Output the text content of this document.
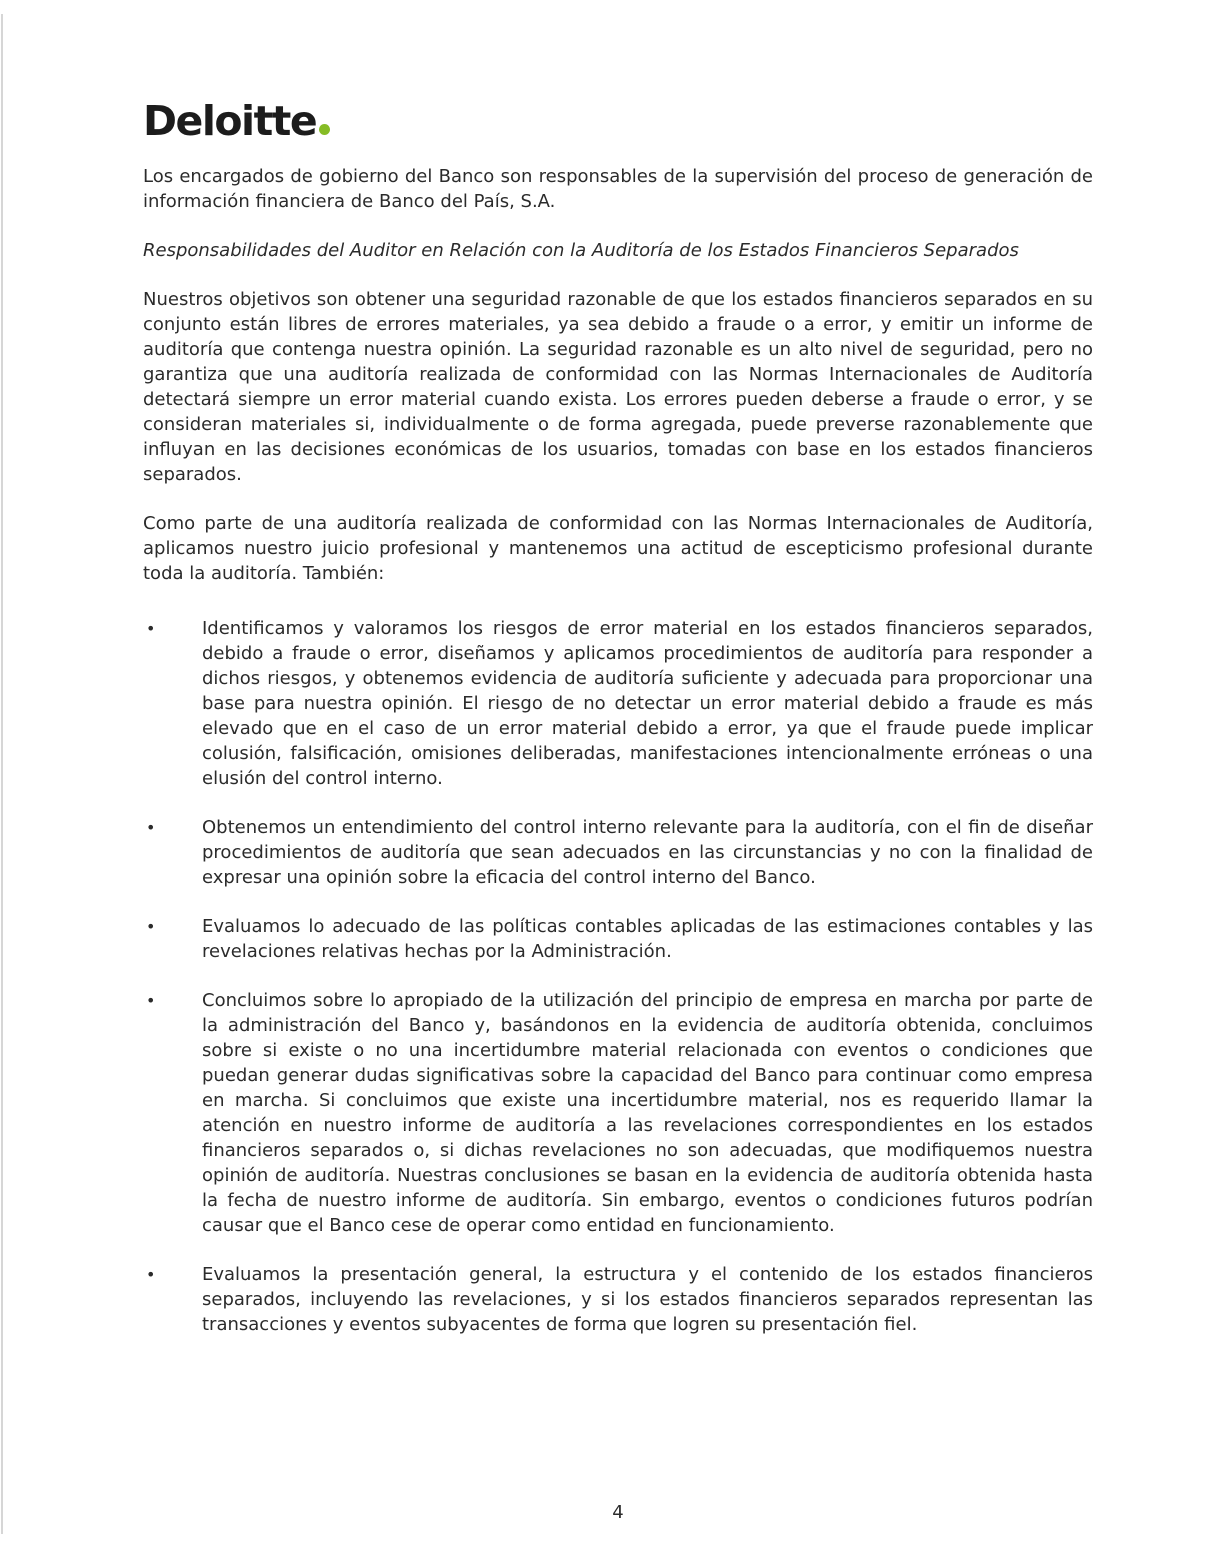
Deloitte

Los encargados de gobierno del Banco son responsables de la supervisión del proceso de generación de información financiera de Banco del País, S.A.

Responsabilidades del Auditor en Relación con la Auditoría de los Estados Financieros Separados

Nuestros objetivos son obtener una seguridad razonable de que los estados financieros separados en su conjunto están libres de errores materiales, ya sea debido a fraude o a error, y emitir un informe de auditoría que contenga nuestra opinión. La seguridad razonable es un alto nivel de seguridad, pero no garantiza que una auditoría realizada de conformidad con las Normas Internacionales de Auditoría detectará siempre un error material cuando exista. Los errores pueden deberse a fraude o error, y se consideran materiales si, individualmente o de forma agregada, puede preverse razonablemente que influyan en las decisiones económicas de los usuarios, tomadas con base en los estados financieros separados.

Como parte de una auditoría realizada de conformidad con las Normas Internacionales de Auditoría, aplicamos nuestro juicio profesional y mantenemos una actitud de escepticismo profesional durante toda la auditoría. También:

•	Identificamos y valoramos los riesgos de error material en los estados financieros separados, debido a fraude o error, diseñamos y aplicamos procedimientos de auditoría para responder a dichos riesgos, y obtenemos evidencia de auditoría suficiente y adecuada para proporcionar una base para nuestra opinión. El riesgo de no detectar un error material debido a fraude es más elevado que en el caso de un error material debido a error, ya que el fraude puede implicar colusión, falsificación, omisiones deliberadas, manifestaciones intencionalmente erróneas o una elusión del control interno.
•	Obtenemos un entendimiento del control interno relevante para la auditoría, con el fin de diseñar procedimientos de auditoría que sean adecuados en las circunstancias y no con la finalidad de expresar una opinión sobre la eficacia del control interno del Banco.
•	Evaluamos lo adecuado de las políticas contables aplicadas de las estimaciones contables y las revelaciones relativas hechas por la Administración.
•	Concluimos sobre lo apropiado de la utilización del principio de empresa en marcha por parte de la administración del Banco y, basándonos en la evidencia de auditoría obtenida, concluimos sobre si existe o no una incertidumbre material relacionada con eventos o condiciones que puedan generar dudas significativas sobre la capacidad del Banco para continuar como empresa en marcha. Si concluimos que existe una incertidumbre material, nos es requerido llamar la atención en nuestro informe de auditoría a las revelaciones correspondientes en los estados financieros separados o, si dichas revelaciones no son adecuadas, que modifiquemos nuestra opinión de auditoría. Nuestras conclusiones se basan en la evidencia de auditoría obtenida hasta la fecha de nuestro informe de auditoría. Sin embargo, eventos o condiciones futuros podrían causar que el Banco cese de operar como entidad en funcionamiento.
•	Evaluamos la presentación general, la estructura y el contenido de los estados financieros separados, incluyendo las revelaciones, y si los estados financieros separados representan las transacciones y eventos subyacentes de forma que logren su presentación fiel.
4
